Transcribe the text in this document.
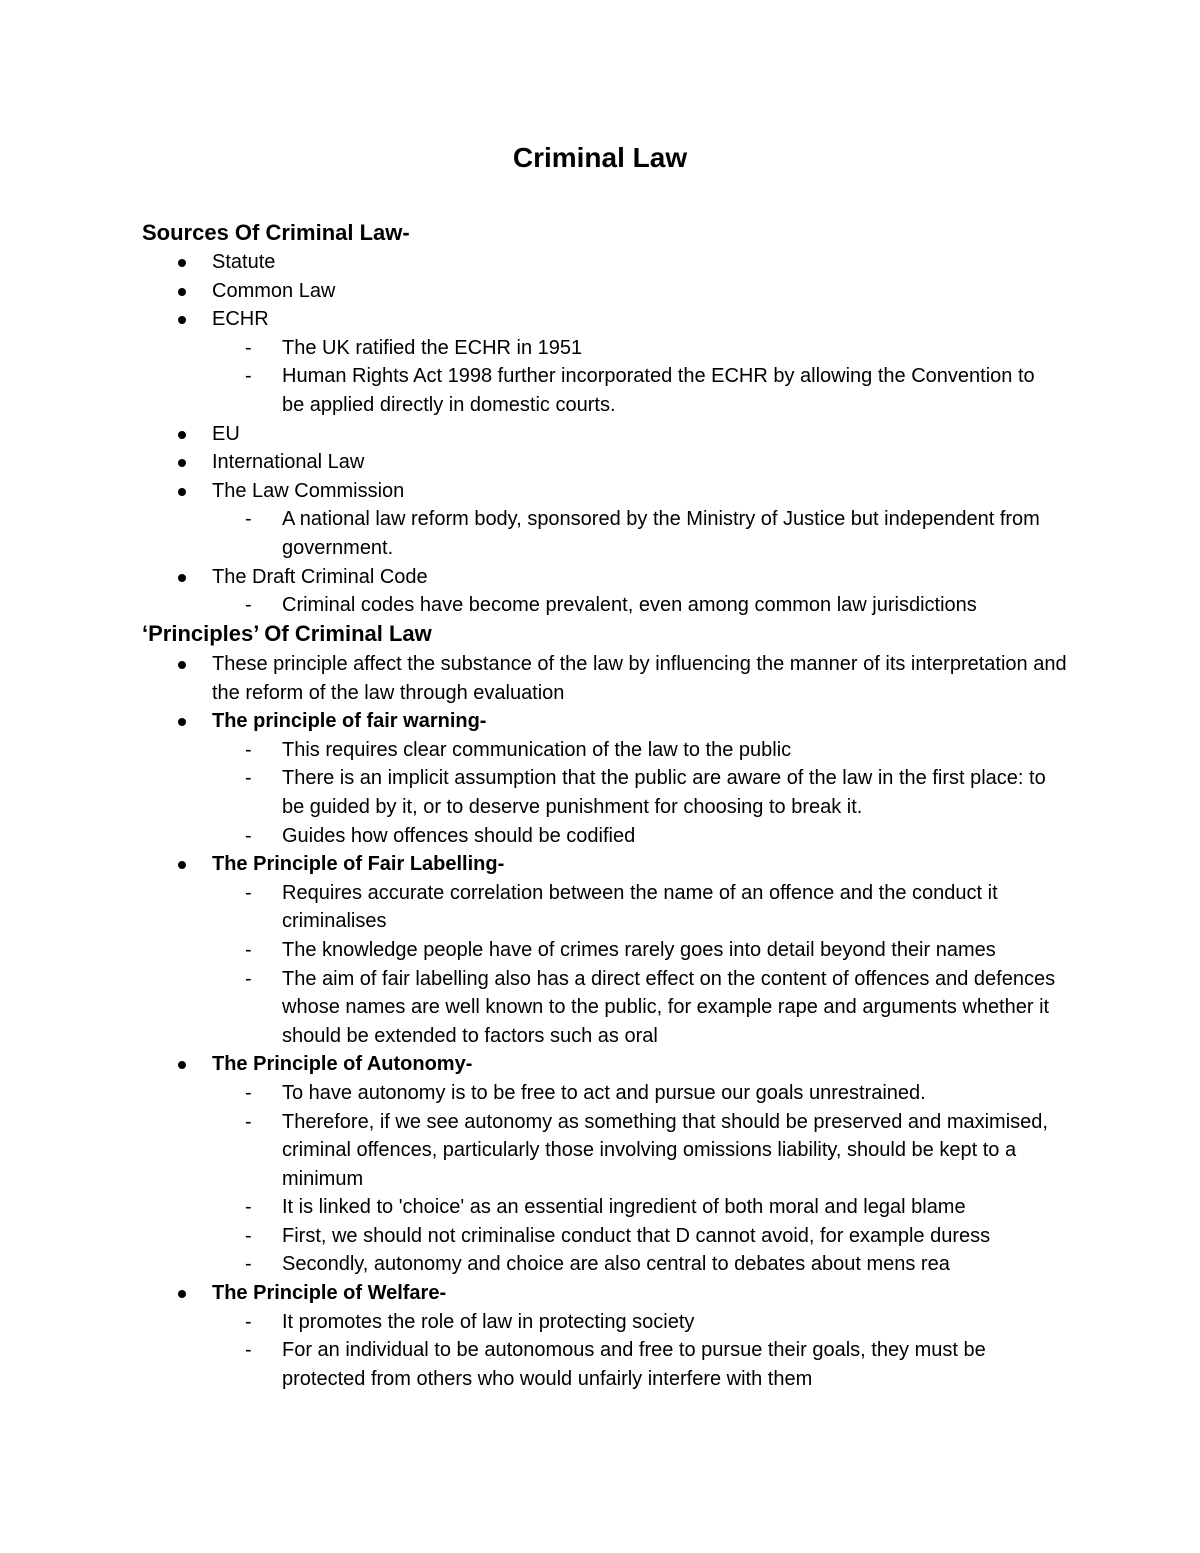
Criminal Law
Sources Of Criminal Law-
Statute
Common Law
ECHR
- The UK ratified the ECHR in 1951
- Human Rights Act 1998 further incorporated the ECHR by allowing the Convention to be applied directly in domestic courts.
EU
International Law
The Law Commission
- A national law reform body, sponsored by the Ministry of Justice but independent from government.
The Draft Criminal Code
- Criminal codes have become prevalent, even among common law jurisdictions
‘Principles’ Of Criminal Law
These principle affect the substance of the law by influencing the manner of its interpretation and the reform of the law through evaluation
The principle of fair warning-
- This requires clear communication of the law to the public
- There is an implicit assumption that the public are aware of the law in the first place: to be guided by it, or to deserve punishment for choosing to break it.
- Guides how offences should be codified
The Principle of Fair Labelling-
- Requires accurate correlation between the name of an offence and the conduct it criminalises
- The knowledge people have of crimes rarely goes into detail beyond their names
- The aim of fair labelling also has a direct effect on the content of offences and defences whose names are well known to the public, for example rape and arguments whether it should be extended to factors such as oral
The Principle of Autonomy-
- To have autonomy is to be free to act and pursue our goals unrestrained.
- Therefore, if we see autonomy as something that should be preserved and maximised, criminal offences, particularly those involving omissions liability, should be kept to a minimum
- It is linked to 'choice' as an essential ingredient of both moral and legal blame
- First, we should not criminalise conduct that D cannot avoid, for example duress
- Secondly, autonomy and choice are also central to debates about mens rea
The Principle of Welfare-
- It promotes the role of law in protecting society
- For an individual to be autonomous and free to pursue their goals, they must be protected from others who would unfairly interfere with them
